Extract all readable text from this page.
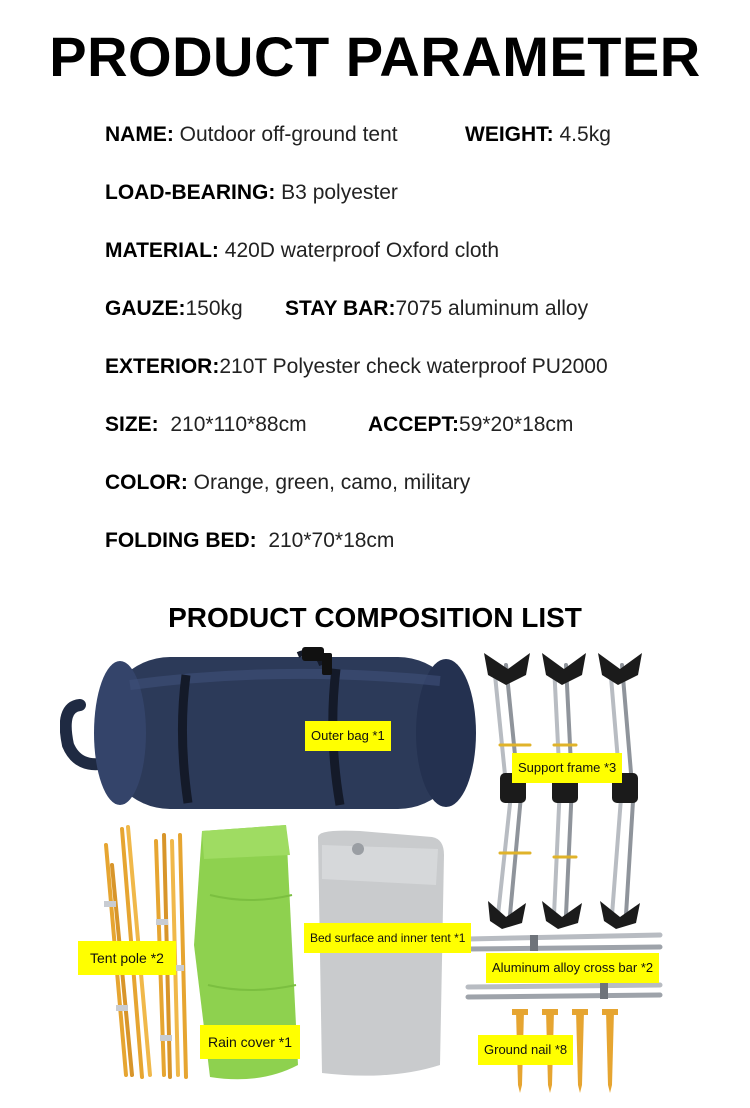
PRODUCT PARAMETER
NAME: Outdoor off-ground tent	WEIGHT: 4.5kg
LOAD-BEARING: B3 polyester
MATERIAL: 420D waterproof Oxford cloth
GAUZE:150kg STAY BAR:7075 aluminum alloy
EXTERIOR:210T Polyester check waterproof PU2000
SIZE: 210*110*88cm	ACCEPT:59*20*18cm
COLOR: Orange, green, camo, military
FOLDING BED: 210*70*18cm
PRODUCT COMPOSITION LIST
Outer bag *1
Support frame *3
Bed surface and inner tent *1
Tent pole *2
Aluminum alloy cross bar *2
Rain cover *1	Ground nail *8
